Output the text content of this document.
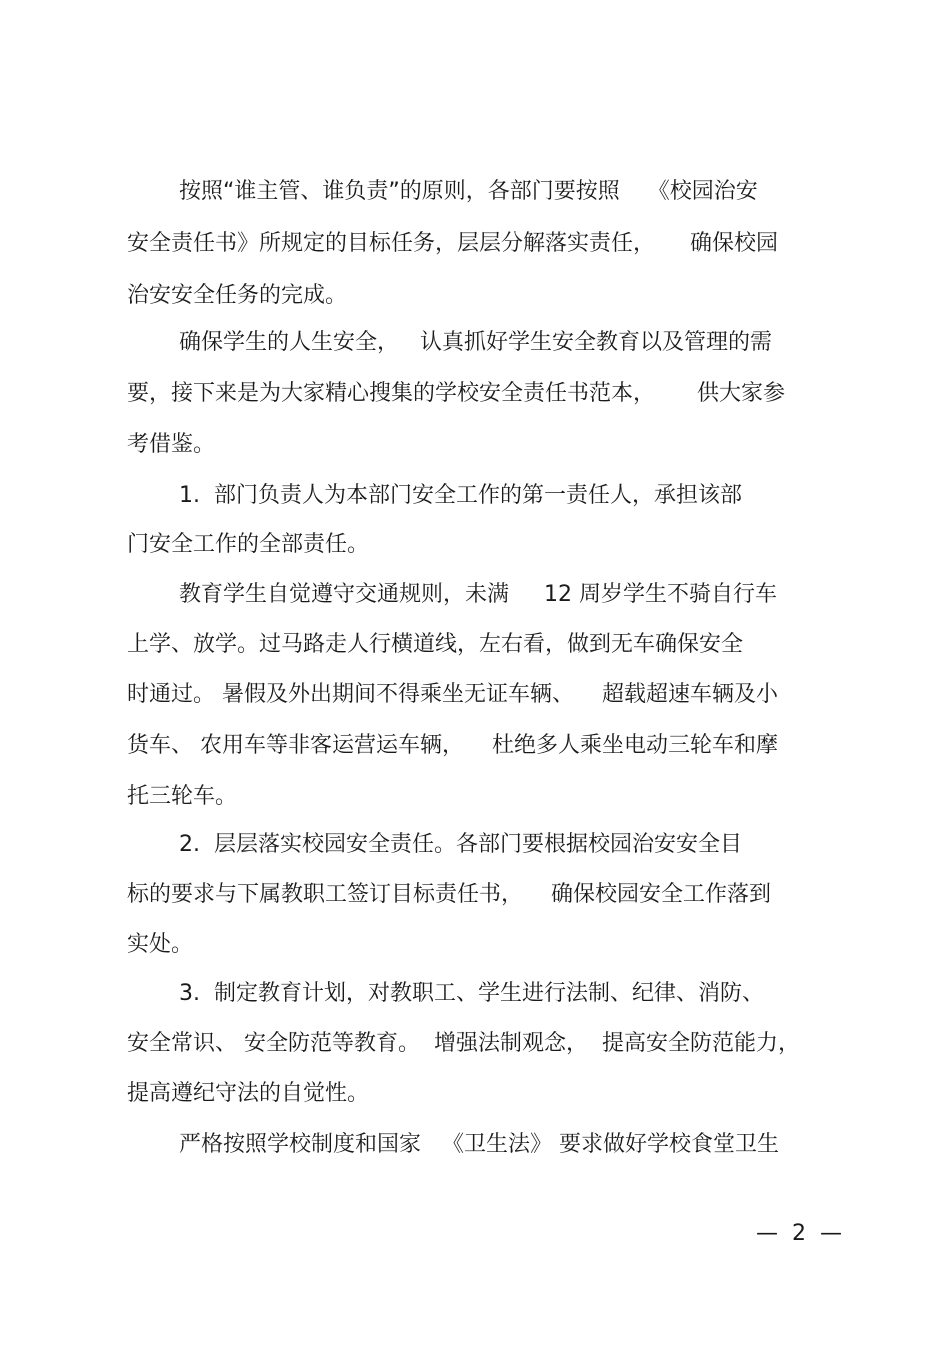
按照“谁主管、谁负责”的原则，各部门要按照    《校园治安
安全责任书》所规定的目标任务，层层分解落实责任，     确保校园
治安安全任务的完成。
确保学生的人生安全，   认真抓好学生安全教育以及管理的需
要，接下来是为大家精心搜集的学校安全责任书范本，      供大家参
考借鉴。
1.  部门负责人为本部门安全工作的第一责任人，承担该部
门安全工作的全部责任。
教育学生自觉遵守交通规则，未满     12 周岁学生不骑自行车
上学、放学。过马路走人行横道线，左右看，做到无车确保安全
时通过。 暑假及外出期间不得乘坐无证车辆、    超载超速车辆及小
货车、 农用车等非客运营运车辆，    杜绝多人乘坐电动三轮车和摩
托三轮车。
2.  层层落实校园安全责任。各部门要根据校园治安安全目
标的要求与下属教职工签订目标责任书，    确保校园安全工作落到
实处。
3.  制定教育计划，对教职工、学生进行法制、纪律、消防、
安全常识、 安全防范等教育。  增强法制观念，  提高安全防范能力，
提高遵纪守法的自觉性。
严格按照学校制度和国家   《卫生法》 要求做好学校食堂卫生
—  2  —
